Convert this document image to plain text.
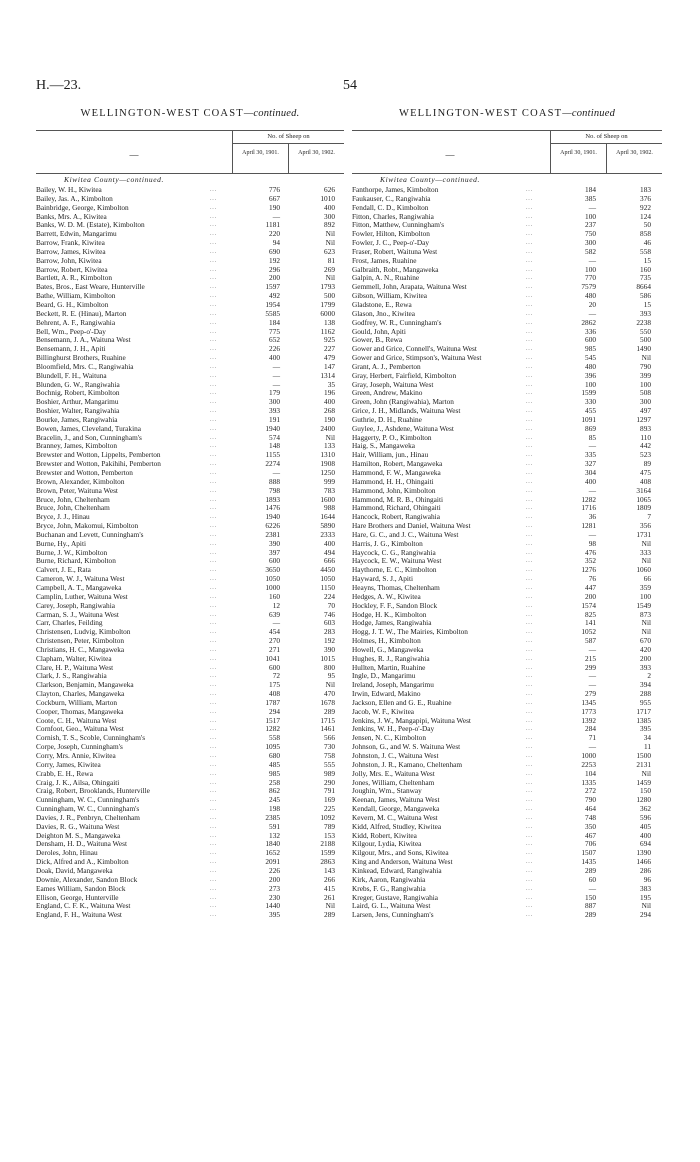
H.—23.	54
WELLINGTON-WEST COAST—continued.
—
No. of Sheep on
April 30, 1901.	April 30, 1902.
Kiwitea County—continued.
Bailey, W. H., Kiwitea	...	776	626
Bailey, Jas. A., Kimbolton	...	667	1010
Bainbridge, George, Kimbolton	...	190	400
Banks, Mrs. A., Kiwitea	...	—	300
Banks, W. D. M. (Estate), Kimbolton	...	1181	892
Barrett, Edwin, Mangarimu	...	220	Nil
Barrow, Frank, Kiwitea	...	94	Nil
Barrow, James, Kiwitea	...	690	623
Barrow, John, Kiwitea	...	192	81
Barrow, Robert, Kiwitea	...	296	269
Bartlett, A. R., Kimbolton	...	200	Nil
Bates, Bros., East Weare, Hunterville	...	1597	1793
Bathe, William, Kimbolton	...	492	500
Beard, G. H., Kimbolton	...	1954	1799
Beckett, R. E. (Hinau), Marton	...	5585	6000
Behrent, A. F., Rangiwahia	...	184	138
Bell, Wm., Peep-o'-Day	...	775	1162
Bensemann, J. A., Waituna West	...	652	925
Bensemann, J. H., Apiti	...	226	227
Billinghurst Brothers, Ruahine	...	400	479
Bloomfield, Mrs. C., Rangiwahia	...	—	147
Blundell, F. H., Waituna	...	—	1314
Blunden, G. W., Rangiwahia	...	—	35
Bochnig, Robert, Kimbolton	...	179	196
Boshier, Arthur, Mangarimu	...	300	400
Boshier, Walter, Rangiwahia	...	393	268
Bourke, James, Rangiwahia	...	191	190
Bowen, James, Cleveland, Turakina	...	1940	2400
Bracelin, J., and Son, Cunningham's	...	574	Nil
Branney, James, Kimbolton	...	148	133
Brewster and Wotton, Lippelts, Pemberton	...	1155	1310
Brewster and Wotton, Pakihihi, Pemberton	...	2274	1908
Brewster and Wotton, Pemberton	...	—	1250
Brown, Alexander, Kimbolton	...	888	999
Brown, Peter, Waituna West	...	798	783
Bruce, John, Cheltenham	...	1893	1600
Bruce, John, Cheltenham	...	1476	988
Bryce, J. J., Hinau	...	1940	1644
Bryce, John, Makomui, Kimbolton	...	6226	5890
Buchanan and Levett, Cunningham's	...	2381	2333
Burne, Hy., Apiti	...	390	400
Burne, J. W., Kimbolton	...	397	494
Burne, Richard, Kimbolton	...	600	666
Calvert, J. E., Rata	...	3650	4450
Cameron, W. J., Waituna West	...	1050	1050
Campbell, A. T., Mangaweka	...	1000	1150
Camplin, Luther, Waituna West	...	160	224
Carey, Joseph, Rangiwahia	...	12	70
Carman, S. J., Waituna West	...	639	746
Carr, Charles, Feilding	...	—	603
Christensen, Ludvig, Kimbolton	...	454	283
Christensen, Peter, Kimbolton	...	270	192
Christians, H. C., Mangaweka	...	271	390
Clapham, Walter, Kiwitea	...	1041	1015
Clare, H. P., Waituna West	...	600	800
Clark, J. S., Rangiwahia	...	72	95
Clarkson, Benjamin, Mangaweka	...	175	Nil
Clayton, Charles, Mangaweka	...	408	470
Cockburn, William, Marton	...	1787	1678
Cooper, Thomas, Mangaweka	...	294	289
Coote, C. H., Waituna West	...	1517	1715
Cornfoot, Geo., Waituna West	...	1282	1461
Cornish, T. S., Scoble, Cunningham's	...	558	566
Corpe, Joseph, Cunningham's	...	1095	730
Corry, Mrs. Annie, Kiwitea	...	680	758
Corry, James, Kiwitea	...	485	555
Crabb, E. H., Rewa	...	985	989
Craig, J. K., Ailsa, Ohingaiti	...	258	290
Craig, Robert, Brooklands, Hunterville	...	862	791
Cunningham, W. C., Cunningham's	...	245	169
Cunningham, W. C., Cunningham's	...	198	225
Davies, J. R., Penbryn, Cheltenham	...	2385	1092
Davies, R. G., Waituna West	...	591	789
Deighton M. S., Mangaweka	...	132	153
Densham, H. D., Waituna West	...	1840	2188
Deroles, John, Hinau	...	1652	1599
Dick, Alfred and A., Kimbolton	...	2091	2863
Doak, David, Mangaweka	...	226	143
Downie, Alexander, Sandon Block	...	200	266
Eames William, Sandon Block	...	273	415
Ellison, George, Hunterville	...	230	261
England, C. F. K., Waituna West	...	1440	Nil
England, F. H., Waituna West	...	395	289
WELLINGTON-WEST COAST—continued
—
No. of Sheep on
April 30, 1901.	April 30, 1902.
Kiwitea County—continued.
Fanthorpe, James, Kimbolton	...	184	183
Faukauser, C., Rangiwahia	...	385	376
Fendall, C. D., Kimbolton	...	—	922
Fitton, Charles, Rangiwahia	...	100	124
Fitton, Matthew, Cunningham's	...	237	50
Fowler, Hilton, Kimbolton	...	750	858
Fowler, J. C., Peep-o'-Day	...	300	46
Fraser, Robert, Waituna West	...	582	558
Frost, James, Ruahine	...	—	15
Galbraith, Robt., Mangaweka	...	100	160
Galpin, A. N., Ruahine	...	770	735
Gemmell, John, Arapata, Waituna West	...	7579	8664
Gibson, William, Kiwitea	...	480	586
Gladstone, E., Rewa	...	20	15
Glason, Jno., Kiwitea	...	—	393
Godfrey, W. R., Cunningham's	...	2862	2238
Gould, John, Apiti	...	336	550
Gower, B., Rewa	...	600	500
Gower and Grice, Connell's, Waituna West	...	985	1490
Gower and Grice, Stimpson's, Waituna West	...	545	Nil
Grant, A. J., Pemberton	...	480	790
Gray, Herbert, Fairfield, Kimbolton	...	396	399
Gray, Joseph, Waituna West	...	100	100
Green, Andrew, Makino	...	1599	508
Green, John (Rangiwahia), Marton	...	330	300
Grice, J. H., Midlands, Waituna West	...	455	497
Guthrie, D. H., Ruahine	...	1091	1297
Guylee, J., Ashdene, Waituna West	...	869	893
Haggerty, P. O., Kimbolton	...	85	110
Haig, S., Mangaweka	...	—	442
Hair, William, jun., Hinau	...	335	523
Hamilton, Robert, Mangaweka	...	327	89
Hammond, F. W., Mangaweka	...	304	475
Hammond, H. H., Ohingaiti	...	400	408
Hammond, John, Kimbolton	...	—	3164
Hammond, M. R. B., Ohingaiti	...	1282	1065
Hammond, Richard, Ohingaiti	...	1716	1809
Hancock, Robert, Rangiwahia	...	36	7
Hare Brothers and Daniel, Waituna West	...	1281	356
Hare, G. C., and J. C., Waituna West	...	—	1731
Harris, J. G., Kimbolton	...	98	Nil
Haycock, C. G., Rangiwahia	...	476	333
Haycock, E. W., Waituna West	...	352	Nil
Haythorne, E. C., Kimbolton	...	1276	1060
Hayward, S. J., Apiti	...	76	66
Heayns, Thomas, Cheltenham	...	447	359
Hedges, A. W., Kiwitea	...	200	100
Hockley, F. F., Sandon Block	...	1574	1549
Hodge, H. K., Kimbolton	...	825	873
Hodge, James, Rangiwahia	...	141	Nil
Hogg, J. T. W., The Mairies, Kimbolton	...	1052	Nil
Holmes, H., Kimbolton	...	587	670
Howell, G., Mangaweka	...	—	420
Hughes, R. J., Rangiwahia	...	215	200
Hullten, Martin, Ruahine	...	299	393
Ingle, D., Mangarimu	...	—	2
Ireland, Joseph, Mangarimu	...	—	394
Irwin, Edward, Makino	...	279	288
Jackson, Ellen and G. E., Ruahine	...	1345	955
Jacob, W. F., Kiwitea	...	1773	1717
Jenkins, J. W., Mangapipi, Waituna West	...	1392	1385
Jenkins, W. H., Peep-o'-Day	...	284	395
Jensen, N. C., Kimbolton	...	71	34
Johnson, G., and W. S. Waituna West	...	—	11
Johnston, J. C., Waituna West	...	1000	1500
Johnston, J. R., Kamano, Cheltenham	...	2253	2131
Jolly, Mrs. E., Waituna West	...	104	Nil
Jones, William, Cheltenham	...	1335	1459
Joughin, Wm., Stanway	...	272	150
Keenan, James, Waituna West	...	790	1280
Kendall, George, Mangaweka	...	464	362
Kevern, M. C., Waituna West	...	748	596
Kidd, Alfred, Studley, Kiwitea	...	350	405
Kidd, Robert, Kiwitea	...	467	400
Kilgour, Lydia, Kiwitea	...	706	694
Kilgour, Mrs., and Sons, Kiwitea	...	1507	1390
King and Anderson, Waituna West	...	1435	1466
Kinkead, Edward, Rangiwahia	...	289	286
Kirk, Aaron, Rangiwahia	...	60	96
Krebs, F. G., Rangiwahia	...	—	383
Kreger, Gustave, Rangiwahia	...	150	195
Laird, G. L., Waituna West	...	887	Nil
Larsen, Jens, Cunningham's	...	289	294
